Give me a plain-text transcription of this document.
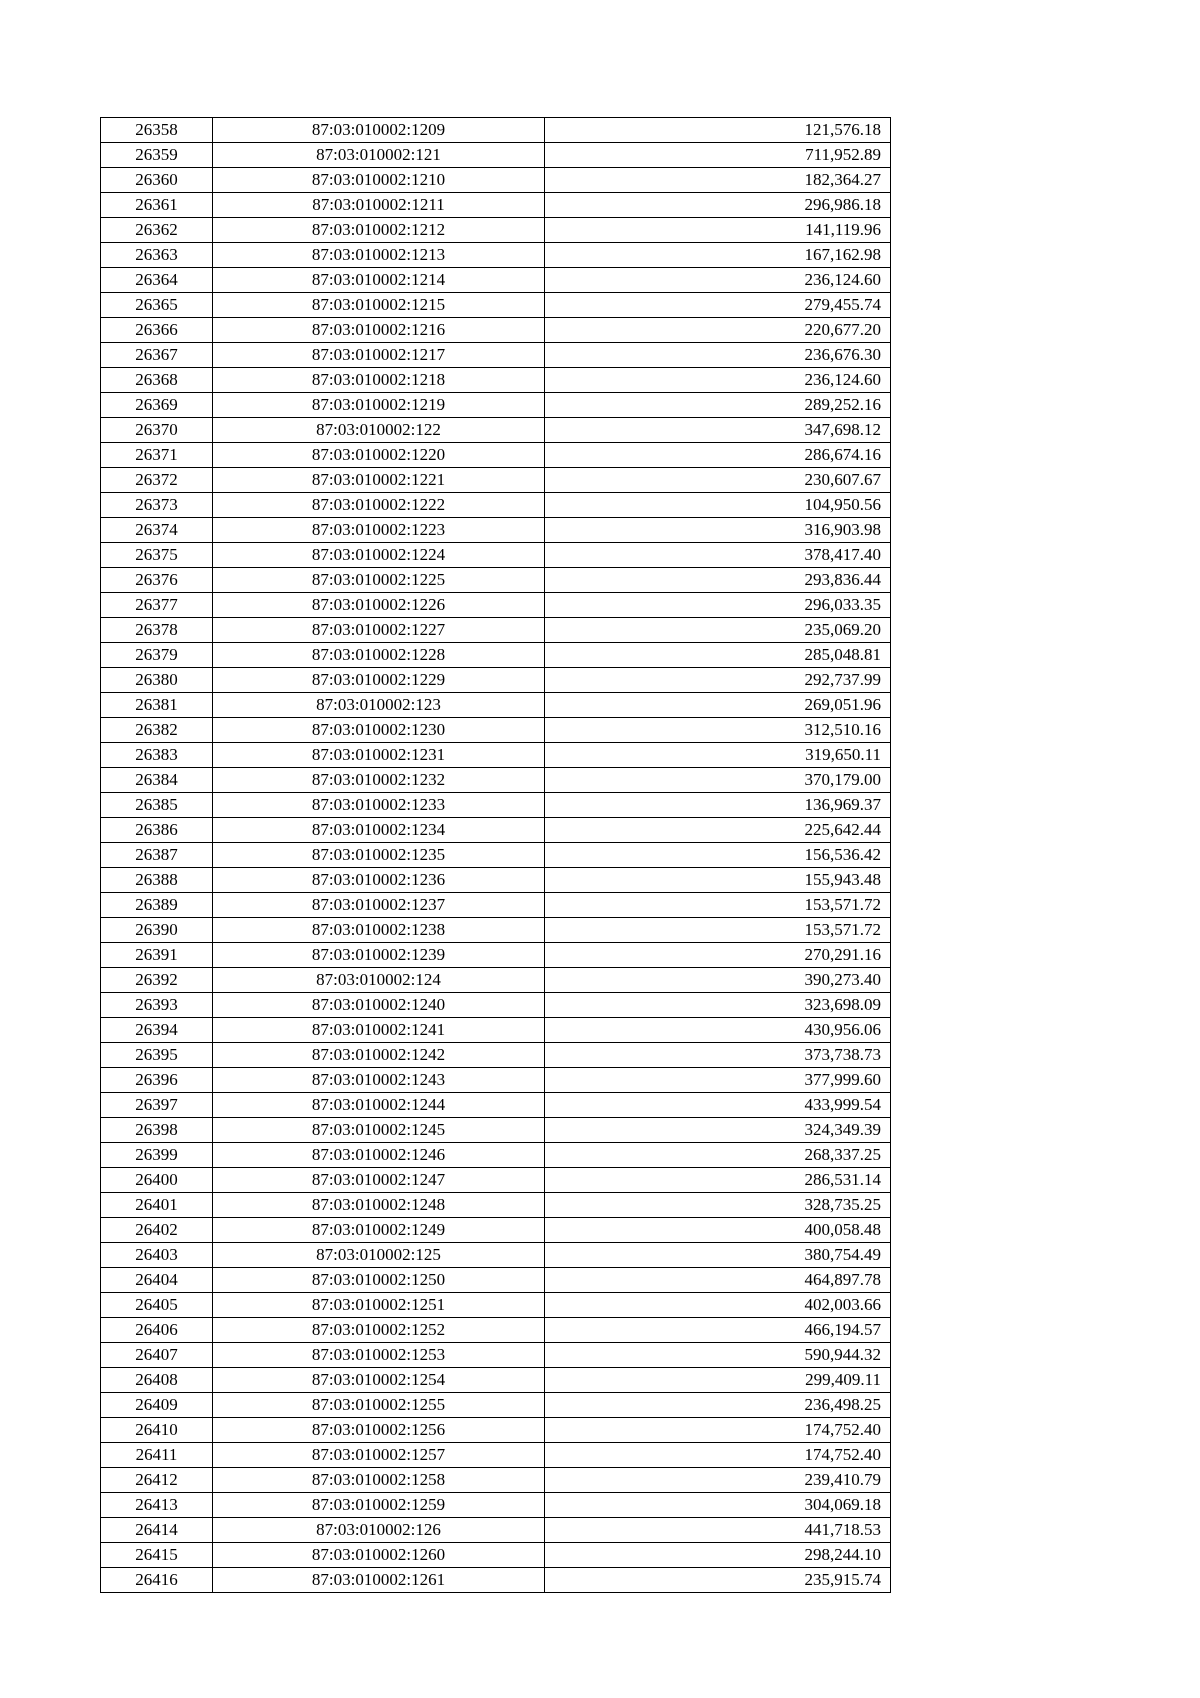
26358	87:03:010002:1209	121,576.18
26359	87:03:010002:121	711,952.89
26360	87:03:010002:1210	182,364.27
26361	87:03:010002:1211	296,986.18
26362	87:03:010002:1212	141,119.96
26363	87:03:010002:1213	167,162.98
26364	87:03:010002:1214	236,124.60
26365	87:03:010002:1215	279,455.74
26366	87:03:010002:1216	220,677.20
26367	87:03:010002:1217	236,676.30
26368	87:03:010002:1218	236,124.60
26369	87:03:010002:1219	289,252.16
26370	87:03:010002:122	347,698.12
26371	87:03:010002:1220	286,674.16
26372	87:03:010002:1221	230,607.67
26373	87:03:010002:1222	104,950.56
26374	87:03:010002:1223	316,903.98
26375	87:03:010002:1224	378,417.40
26376	87:03:010002:1225	293,836.44
26377	87:03:010002:1226	296,033.35
26378	87:03:010002:1227	235,069.20
26379	87:03:010002:1228	285,048.81
26380	87:03:010002:1229	292,737.99
26381	87:03:010002:123	269,051.96
26382	87:03:010002:1230	312,510.16
26383	87:03:010002:1231	319,650.11
26384	87:03:010002:1232	370,179.00
26385	87:03:010002:1233	136,969.37
26386	87:03:010002:1234	225,642.44
26387	87:03:010002:1235	156,536.42
26388	87:03:010002:1236	155,943.48
26389	87:03:010002:1237	153,571.72
26390	87:03:010002:1238	153,571.72
26391	87:03:010002:1239	270,291.16
26392	87:03:010002:124	390,273.40
26393	87:03:010002:1240	323,698.09
26394	87:03:010002:1241	430,956.06
26395	87:03:010002:1242	373,738.73
26396	87:03:010002:1243	377,999.60
26397	87:03:010002:1244	433,999.54
26398	87:03:010002:1245	324,349.39
26399	87:03:010002:1246	268,337.25
26400	87:03:010002:1247	286,531.14
26401	87:03:010002:1248	328,735.25
26402	87:03:010002:1249	400,058.48
26403	87:03:010002:125	380,754.49
26404	87:03:010002:1250	464,897.78
26405	87:03:010002:1251	402,003.66
26406	87:03:010002:1252	466,194.57
26407	87:03:010002:1253	590,944.32
26408	87:03:010002:1254	299,409.11
26409	87:03:010002:1255	236,498.25
26410	87:03:010002:1256	174,752.40
26411	87:03:010002:1257	174,752.40
26412	87:03:010002:1258	239,410.79
26413	87:03:010002:1259	304,069.18
26414	87:03:010002:126	441,718.53
26415	87:03:010002:1260	298,244.10
26416	87:03:010002:1261	235,915.74
